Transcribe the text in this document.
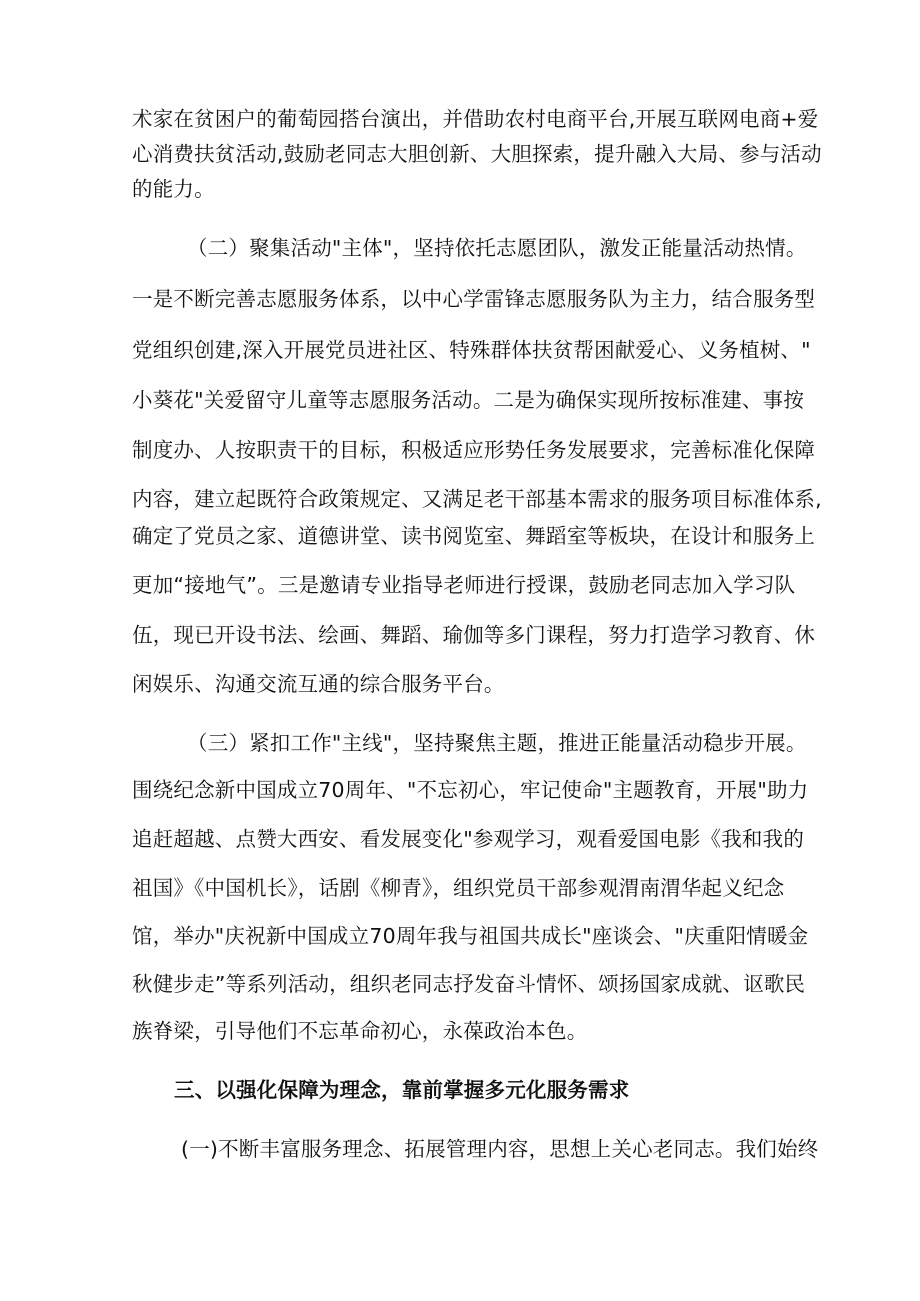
术家在贫困户的葡萄园搭台演出，并借助农村电商平台,开展互联网电商+爱
心消费扶贫活动,鼓励老同志大胆创新、大胆探索，提升融入大局、参与活动
的能力。
（二）聚集活动"主体"，坚持依托志愿团队，激发正能量活动热情。
一是不断完善志愿服务体系，以中心学雷锋志愿服务队为主力，结合服务型
党组织创建,深入开展党员进社区、特殊群体扶贫帮困献爱心、义务植树、"
小葵花"关爱留守儿童等志愿服务活动。二是为确保实现所按标准建、事按
制度办、人按职责干的目标，积极适应形势任务发展要求，完善标准化保障
内容，建立起既符合政策规定、又满足老干部基本需求的服务项目标准体系,
确定了党员之家、道德讲堂、读书阅览室、舞蹈室等板块，在设计和服务上
更加“接地气”。三是邀请专业指导老师进行授课，鼓励老同志加入学习队
伍，现已开设书法、绘画、舞蹈、瑜伽等多门课程，努力打造学习教育、休
闲娱乐、沟通交流互通的综合服务平台。
（三）紧扣工作"主线"，坚持聚焦主题，推进正能量活动稳步开展。
围绕纪念新中国成立70周年、"不忘初心，牢记使命"主题教育，开展"助力
追赶超越、点赞大西安、看发展变化"参观学习，观看爱国电影《我和我的
祖国》《中国机长》，话剧《柳青》，组织党员干部参观渭南渭华起义纪念
馆，举办"庆祝新中国成立70周年我与祖国共成长"座谈会、"庆重阳情暖金
秋健步走”等系列活动，组织老同志抒发奋斗情怀、颂扬国家成就、讴歌民
族脊梁，引导他们不忘革命初心，永葆政治本色。
三、以强化保障为理念，靠前掌握多元化服务需求
(一)不断丰富服务理念、拓展管理内容，思想上关心老同志。我们始终
